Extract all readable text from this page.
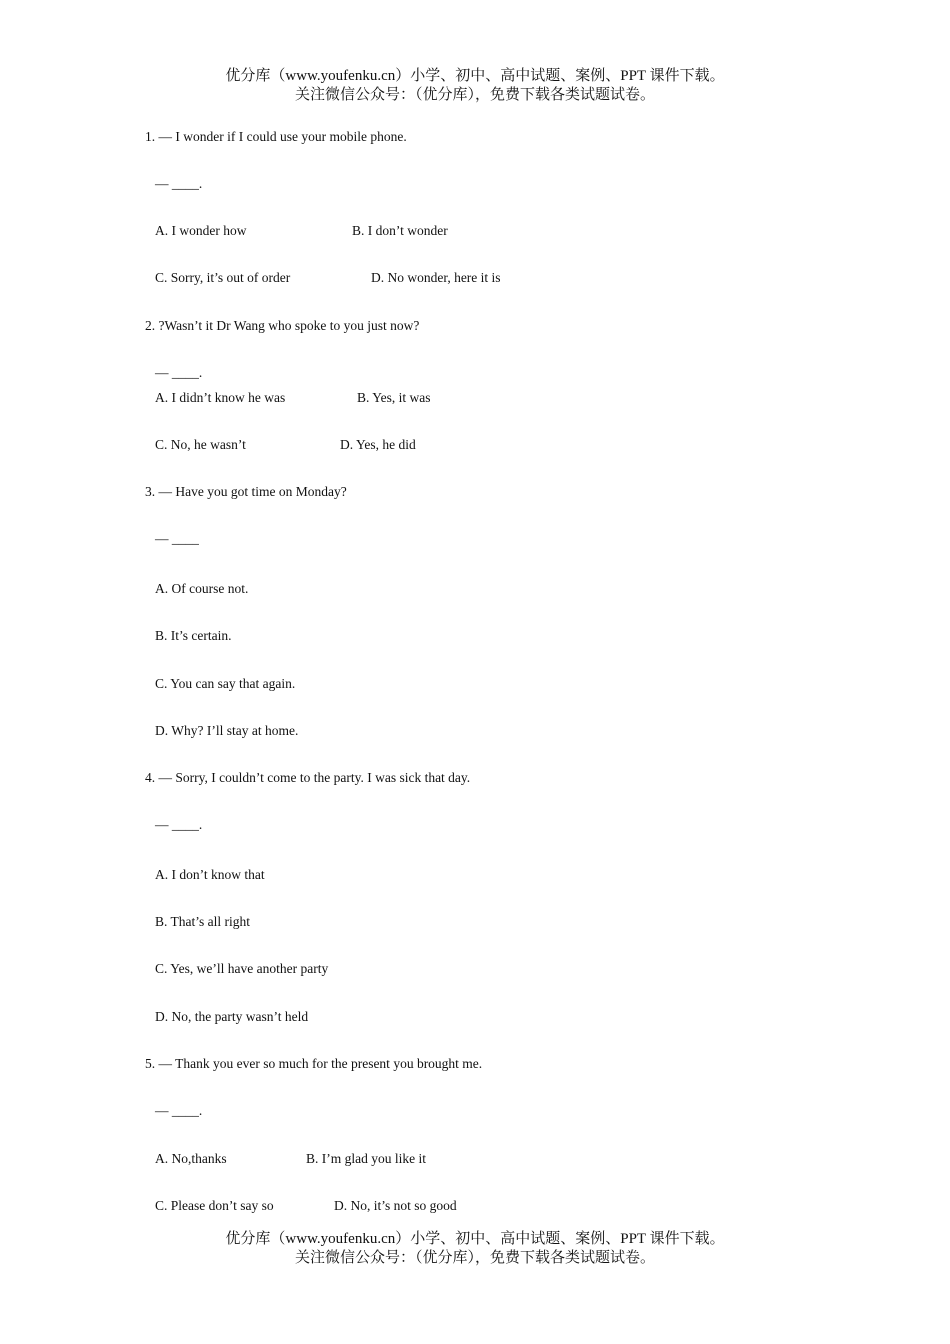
优分库（www.youfenku.cn）小学、初中、高中试题、案例、PPT 课件下载。
关注微信公众号：（优分库），免费下载各类试题试卷。

1. — I wonder if I could use your mobile phone.

— ____.

A. I wonder how	B. I don’t wonder

C. Sorry, it’s out of order	D. No wonder, here it is

2. ?Wasn’t it Dr Wang who spoke to you just now?

— ____.

A. I didn’t know he was	B. Yes, it was

C. No, he wasn’t	D. Yes, he did

3. — Have you got time on Monday?

— ____

A. Of course not.

B. It’s certain.

C. You can say that again.

D. Why? I’ll stay at home.

4. — Sorry, I couldn’t come to the party. I was sick that day.

— ____.

A. I don’t know that

B. That’s all right

C. Yes, we’ll have another party

D. No, the party wasn’t held

5. — Thank you ever so much for the present you brought me.

— ____.

A. No,thanks	B. I’m glad you like it

C. Please don’t say so	D. No, it’s not so good

优分库（www.youfenku.cn）小学、初中、高中试题、案例、PPT 课件下载。
关注微信公众号：（优分库），免费下载各类试题试卷。
